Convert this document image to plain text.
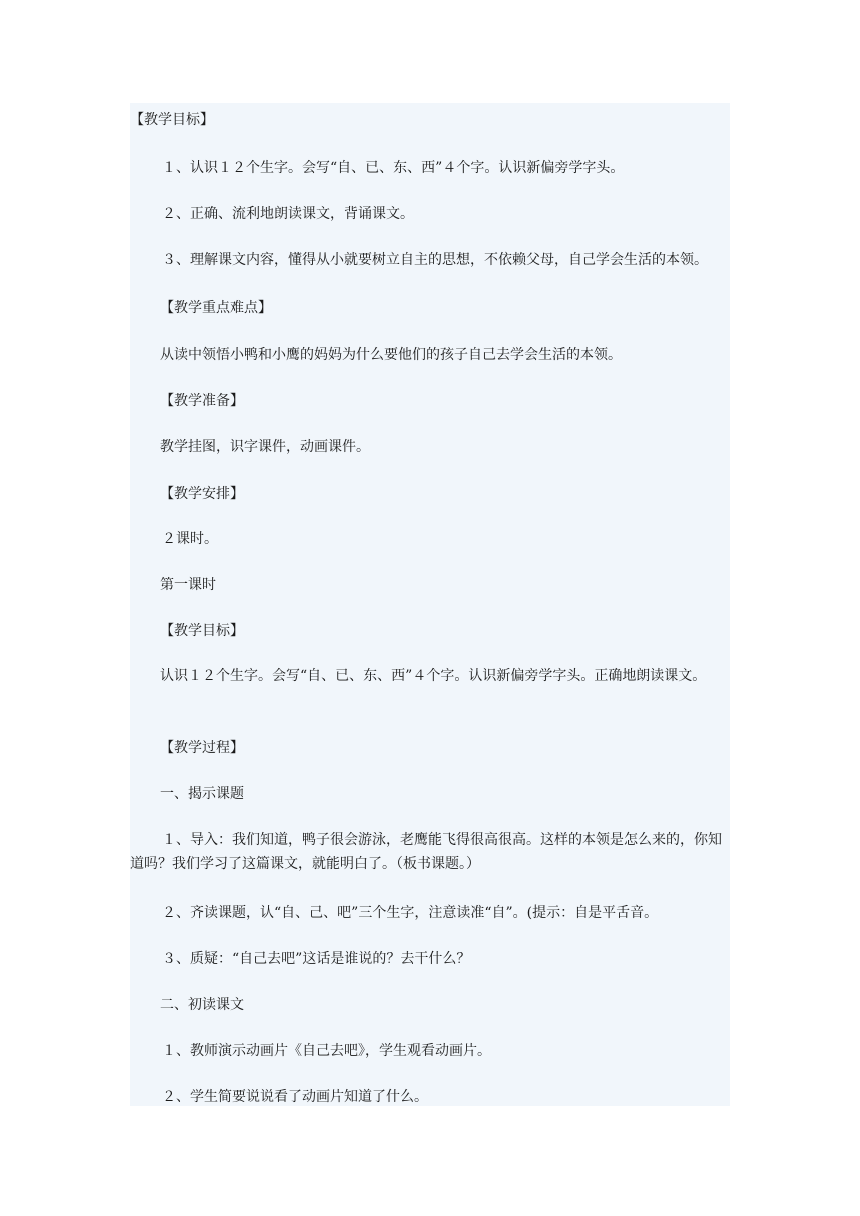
【教学目标】
１、认识１２个生字。会写“自、已、东、西”４个字。认识新偏旁学字头。
２、正确、流利地朗读课文，背诵课文。
３、理解课文内容，懂得从小就要树立自主的思想，不依赖父母，自己学会生活的本领。
【教学重点难点】
从读中领悟小鸭和小鹰的妈妈为什么要他们的孩子自己去学会生活的本领。
【教学准备】
教学挂图，识字课件，动画课件。
【教学安排】
２课时。
第一课时
【教学目标】
认识１２个生字。会写“自、已、东、西”４个字。认识新偏旁学字头。正确地朗读课文。
【教学过程】
一、揭示课题
１、导入：我们知道，鸭子很会游泳，老鹰能飞得很高很高。这样的本领是怎么来的，你知道吗？我们学习了这篇课文，就能明白了。（板书课题。）
２、齐读课题，认“自、己、吧”三个生字，注意读准“自”。(提示：自是平舌音。
３、质疑：“自己去吧”这话是谁说的？去干什么？
二、初读课文
１、教师演示动画片《自己去吧》，学生观看动画片。
２、学生简要说说看了动画片知道了什么。
